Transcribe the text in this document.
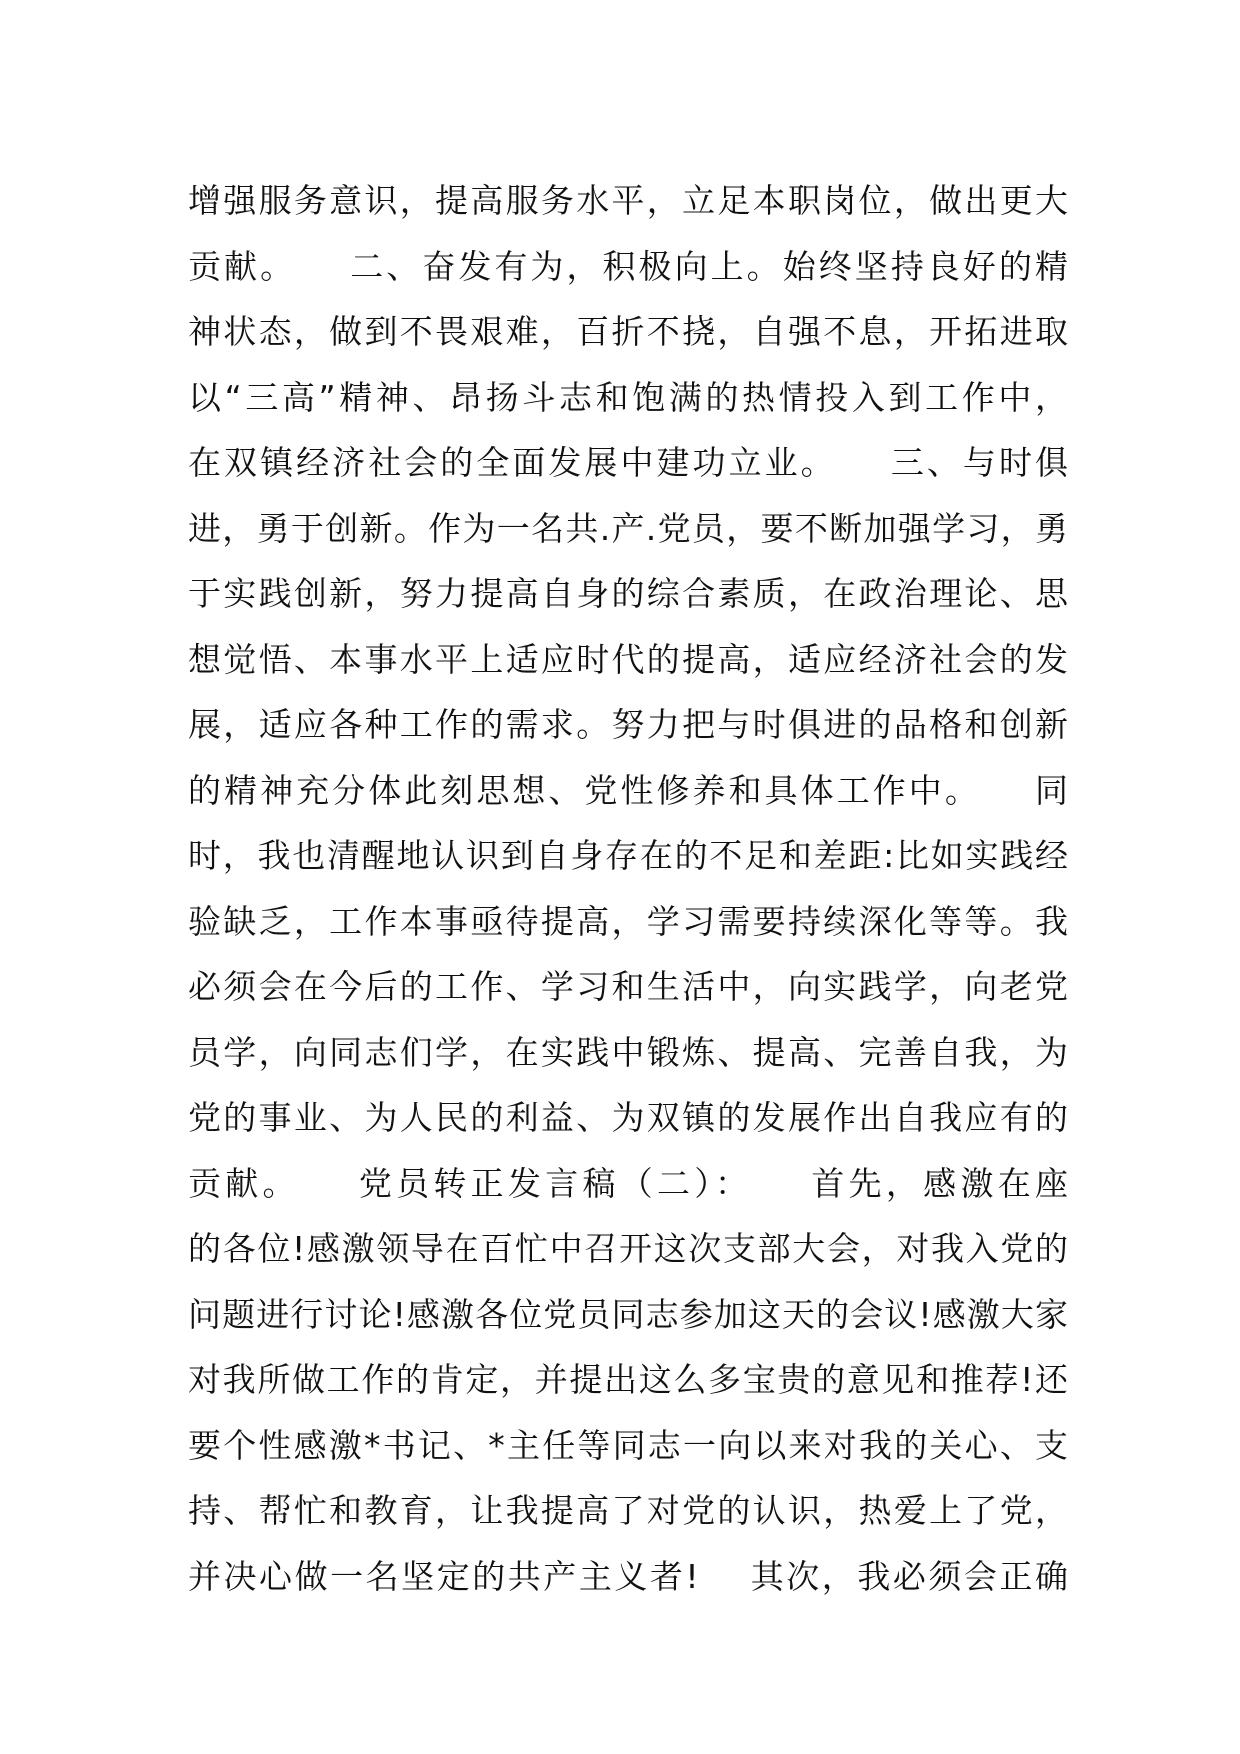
增强服务意识，提高服务水平，立足本职岗位，做出更大
贡献。    二、奋发有为，积极向上。始终坚持良好的精
神状态，做到不畏艰难，百折不挠，自强不息，开拓进取
以“三高”精神、昂扬斗志和饱满的热情投入到工作中，
在双镇经济社会的全面发展中建功立业。    三、与时俱
进，勇于创新。作为一名共.产.党员，要不断加强学习，勇
于实践创新，努力提高自身的综合素质，在政治理论、思
想觉悟、本事水平上适应时代的提高，适应经济社会的发
展，适应各种工作的需求。努力把与时俱进的品格和创新
的精神充分体此刻思想、党性修养和具体工作中。    同
时，我也清醒地认识到自身存在的不足和差距:比如实践经
验缺乏，工作本事亟待提高，学习需要持续深化等等。我
必须会在今后的工作、学习和生活中，向实践学，向老党
员学，向同志们学，在实践中锻炼、提高、完善自我，为
党的事业、为人民的利益、为双镇的发展作出自我应有的
贡献。    党员转正发言稿（二）：    首先，感激在座
的各位!感激领导在百忙中召开这次支部大会，对我入党的
问题进行讨论!感激各位党员同志参加这天的会议!感激大家
对我所做工作的肯定，并提出这么多宝贵的意见和推荐!还
要个性感激*书记、*主任等同志一向以来对我的关心、支
持、帮忙和教育，让我提高了对党的认识，热爱上了党，
并决心做一名坚定的共产主义者!    其次，我必须会正确
